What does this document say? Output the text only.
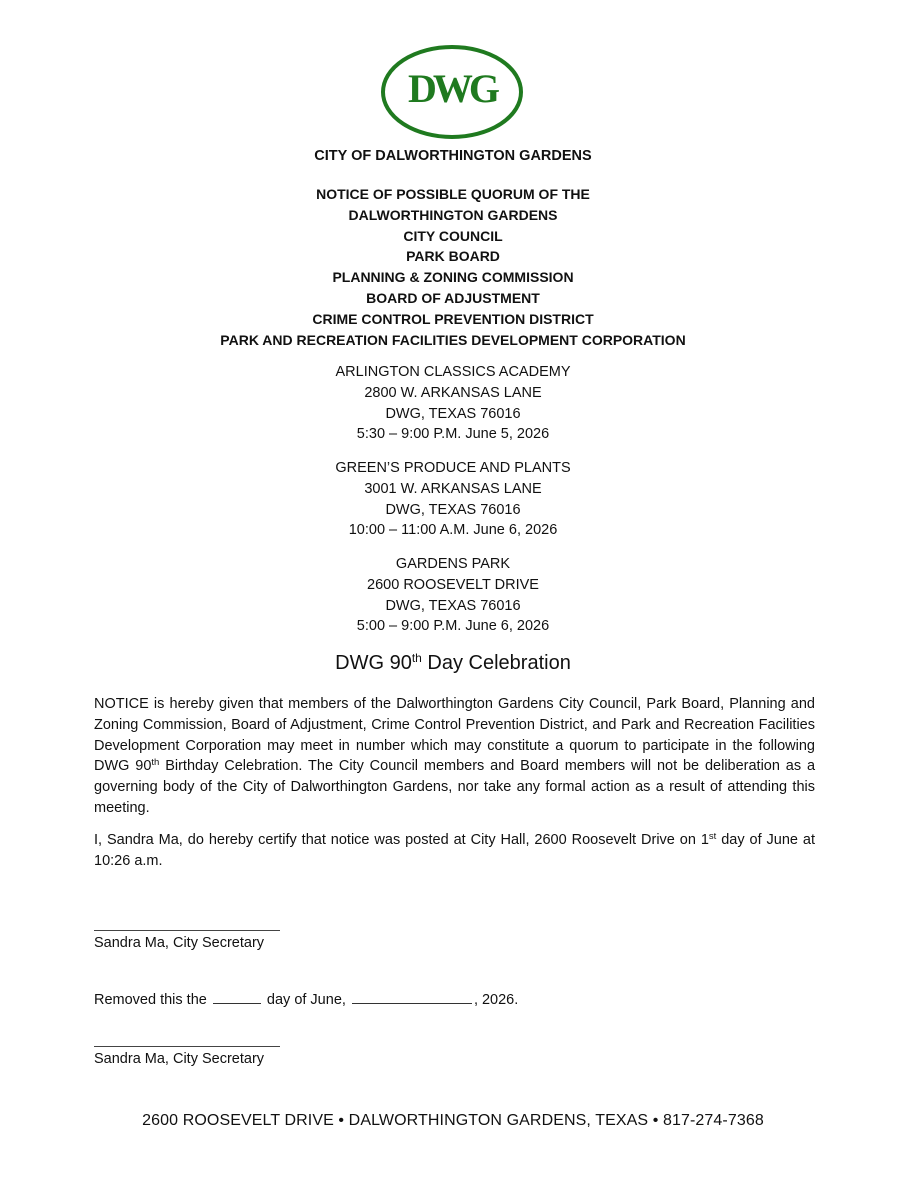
DWG
CITY OF DALWORTHINGTON GARDENS
NOTICE OF POSSIBLE QUORUM OF THE
DALWORTHINGTON GARDENS
CITY COUNCIL
PARK BOARD
PLANNING & ZONING COMMISSION
BOARD OF ADJUSTMENT
CRIME CONTROL PREVENTION DISTRICT
PARK AND RECREATION FACILITIES DEVELOPMENT CORPORATION
ARLINGTON CLASSICS ACADEMY
2800 W. ARKANSAS LANE
DWG, TEXAS 76016
5:30 – 9:00 P.M. June 5, 2026
GREEN’S PRODUCE AND PLANTS
3001 W. ARKANSAS LANE
DWG, TEXAS 76016
10:00 – 11:00 A.M. June 6, 2026
GARDENS PARK
2600 ROOSEVELT DRIVE
DWG, TEXAS 76016
5:00 – 9:00 P.M. June 6, 2026
DWG 90th Day Celebration
NOTICE is hereby given that members of the Dalworthington Gardens City Council, Park Board, Planning and Zoning Commission, Board of Adjustment, Crime Control Prevention District, and Park and Recreation Facilities Development Corporation may meet in number which may constitute a quorum to participate in the following DWG 90th Birthday Celebration. The City Council members and Board members will not be deliberation as a governing body of the City of Dalworthington Gardens, nor take any formal action as a result of attending this meeting.
I, Sandra Ma, do hereby certify that notice was posted at City Hall, 2600 Roosevelt Drive on 1st day of June at 10:26 a.m.
Sandra Ma, City Secretary
Removed this the	day of June,	, 2026.
Sandra Ma, City Secretary
2600 ROOSEVELT DRIVE • DALWORTHINGTON GARDENS, TEXAS • 817-274-7368
